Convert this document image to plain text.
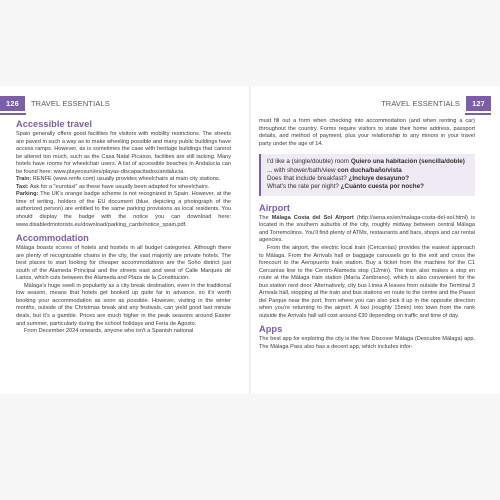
126	TRAVEL ESSENTIALS
Accessible travel

Spain generally offers good facilities for visitors with mobility restrictions. The streets are paved in such a way as to make wheeling possible and many public buildings have access ramps. However, as is sometimes the case with heritage buildings that cannot be altered too much, such as the Casa Natal Picasso, facilities are still lacking. Many hotels have rooms for wheelchair users. A list of accessible beaches in Andalucía can be found here: www.playeosuni/es/playas-discapacitados/andalucia.

Train: RENFE (www.renfe.com) usually provides wheelchairs at main city stations.

Taxi: Ask for a "eurotaxi" as these have usually been adapted for wheelchairs.

Parking: The UK's orange badge scheme is not recognized in Spain. However, at the time of writing, holders of the EU document (blue, depicting a photograph of the authorized person) are entitled to the same parking provisions as local residents. You should display the badge with the notice you can download here: www.disabledmotorists.eu/download/parking_cards/notice_spain.pdf.

Accommodation

Málaga boasts scores of hotels and hostels in all budget categories. Although there are plenty of recognizable chains in the city, the vast majority are private hotels. The best places to start looking for cheaper accommodations are the Soho district just south of the Alameda Principal and the streets east and west of Calle Marqués de Larios, which cuts between the Alameda and Plaza de la Constitución.

Málaga's huge swell in popularity as a city break destination, even in the traditional low season, means that hotels get booked up quite far in advance, so it's worth booking your accommodation as soon as possible. However, visiting in the winter months, outside of the Christmas break and any festivals, can yield good last minute deals, but it's a gamble. Prices are much higher in the peak seasons around Easter and summer, particularly during the school holidays and Feria de Agosto.

From December 2024 onwards, anyone who isn't a Spanish national

TRAVEL ESSENTIALS	127

must fill out a form when checking into accommodation (and when renting a car) throughout the country. Forms require visitors to state their home address, passport details, and method of payment, plus your relationship to any minors in your travel party under the age of 14.

I'd like a (single/double) room Quiero una habitación (sencilla/doble)
... with shower/bath/view con ducha/baño/vista
Does that include breakfast? ¿Incluye desayuno?
What's the rate per night? ¿Cuánto cuesta por noche?
Airport

The Málaga Costa del Sol Airport (http://aena.es/en/malaga-costa-del-sol.html) is located in the southern suburbs of the city, roughly midway between central Málaga and Torremolinos. You'll find plenty of ATMs, restaurants and bars, shops and car rental agencies.

From the airport, the electric local train (Cercanías) provides the easiest approach to Málaga. From the Arrivals hall or baggage carousels go to the exit and cross the forecourt to the Aeropuerto train station. Buy a ticket from the machine for the C1 Cercanías line to the Centro-Alameda stop (12min). The train also makes a stop en route at the Málaga train station (María Zambrano), which is also convenient for the bus station next door. Alternatively, city bus Línea A leaves from outside the Terminal 3 Arrivals hall, stopping at the train and bus stations en route to the centre and the Paseo del Parque near the port, from where you can also pick it up in the opposite direction when you're returning to the airport. A taxi (roughly 15min) into town from the rank outside the Arrivals hall will cost around €30 depending on traffic and time of day.

Apps

The best app for exploring the city is the free Discover Málaga (Descubre Málaga) app. The Málaga Pass also has a decent app, which includes infor-
